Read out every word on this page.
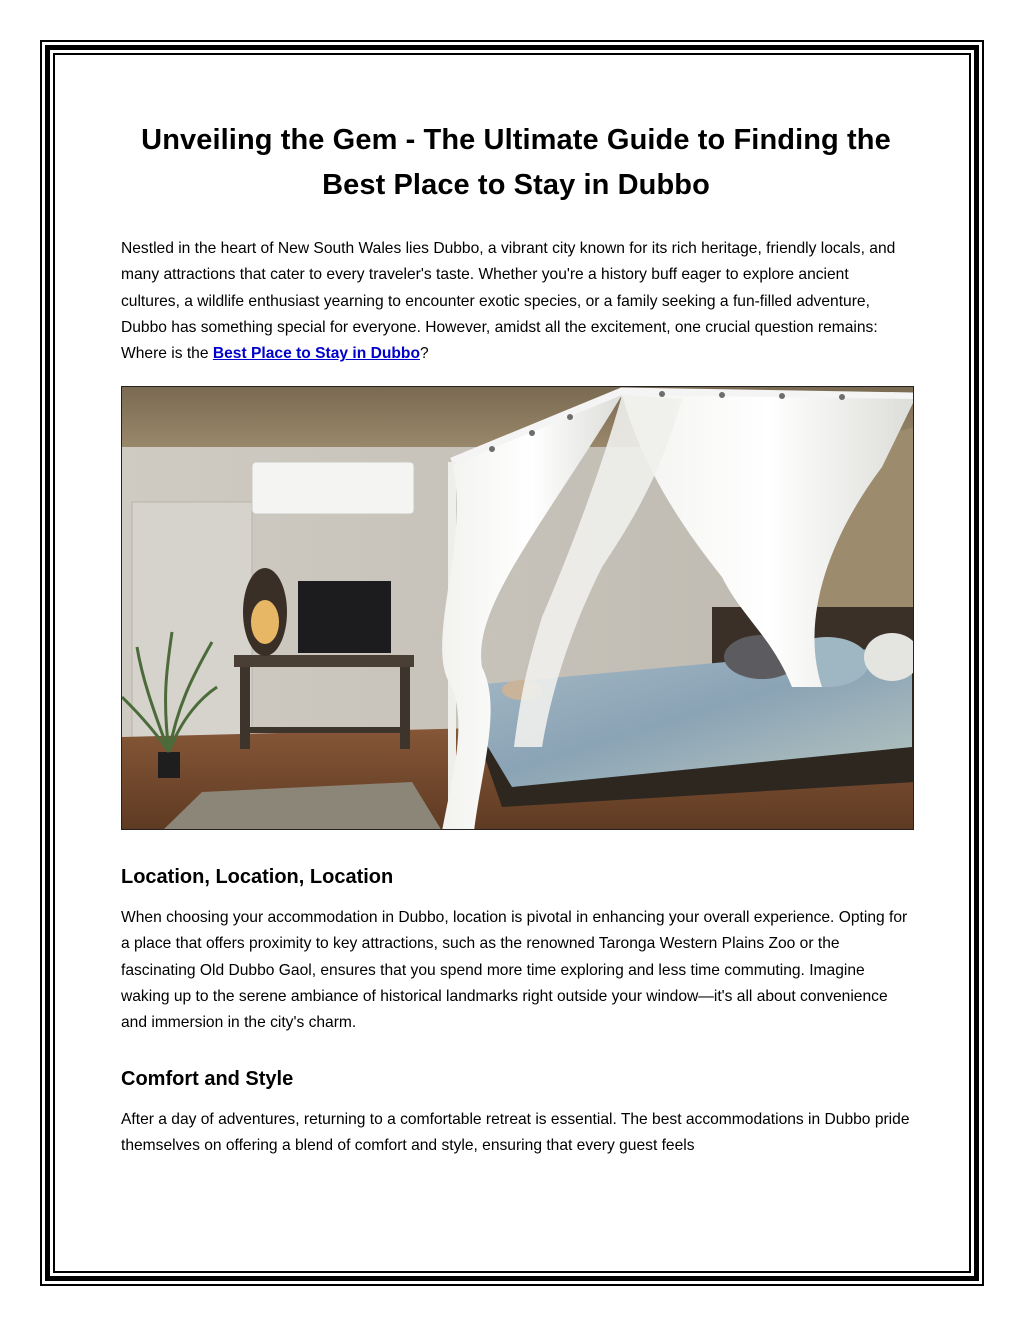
Unveiling the Gem - The Ultimate Guide to Finding the Best Place to Stay in Dubbo

Nestled in the heart of New South Wales lies Dubbo, a vibrant city known for its rich heritage, friendly locals, and many attractions that cater to every traveler's taste. Whether you're a history buff eager to explore ancient cultures, a wildlife enthusiast yearning to encounter exotic species, or a family seeking a fun-filled adventure, Dubbo has something special for everyone. However, amidst all the excitement, one crucial question remains: Where is the Best Place to Stay in Dubbo?

Location, Location, Location

When choosing your accommodation in Dubbo, location is pivotal in enhancing your overall experience. Opting for a place that offers proximity to key attractions, such as the renowned Taronga Western Plains Zoo or the fascinating Old Dubbo Gaol, ensures that you spend more time exploring and less time commuting. Imagine waking up to the serene ambiance of historical landmarks right outside your window—it's all about convenience and immersion in the city's charm.

Comfort and Style

After a day of adventures, returning to a comfortable retreat is essential. The best accommodations in Dubbo pride themselves on offering a blend of comfort and style, ensuring that every guest feels
